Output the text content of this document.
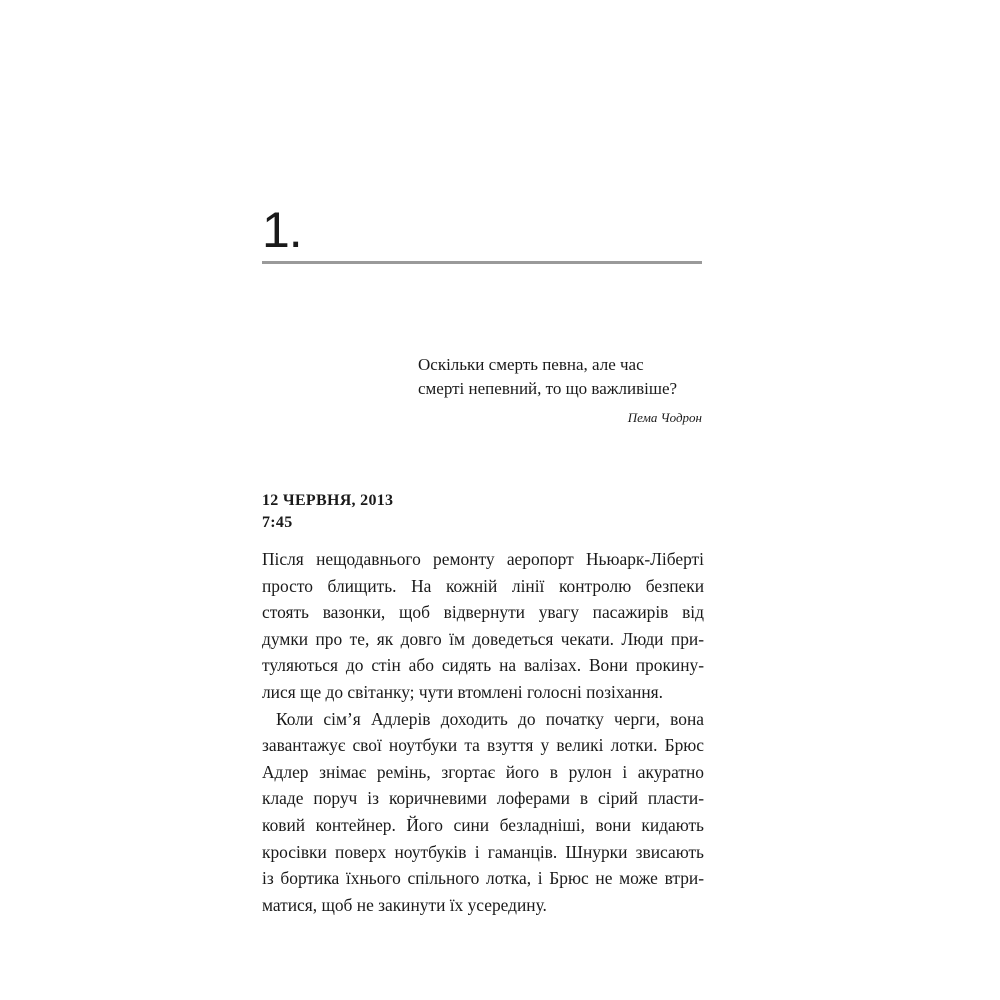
1.
Оскільки смерть певна, але час
смерті непевний, то що важливіше?
Пема Чодрон
12 ЧЕРВНЯ, 2013
7:45
Після нещодавнього ремонту аеропорт Ньюарк-Ліберті
просто блищить. На кожній лінії контролю безпеки
стоять вазонки, щоб відвернути увагу пасажирів від
думки про те, як довго їм доведеться чекати. Люди при-
туляються до стін або сидять на валізах. Вони прокину-
лися ще до світанку; чути втомлені голосні позіхання.
Коли сім’я Адлерів доходить до початку черги, вона
завантажує свої ноутбуки та взуття у великі лотки. Брюс
Адлер знімає ремінь, згортає його в рулон і акуратно
кладе поруч із коричневими лоферами в сірий пласти-
ковий контейнер. Його сини безладніші, вони кидають
кросівки поверх ноутбуків і гаманців. Шнурки звисають
із бортика їхнього спільного лотка, і Брюс не може втри-
матися, щоб не закинути їх усередину.
